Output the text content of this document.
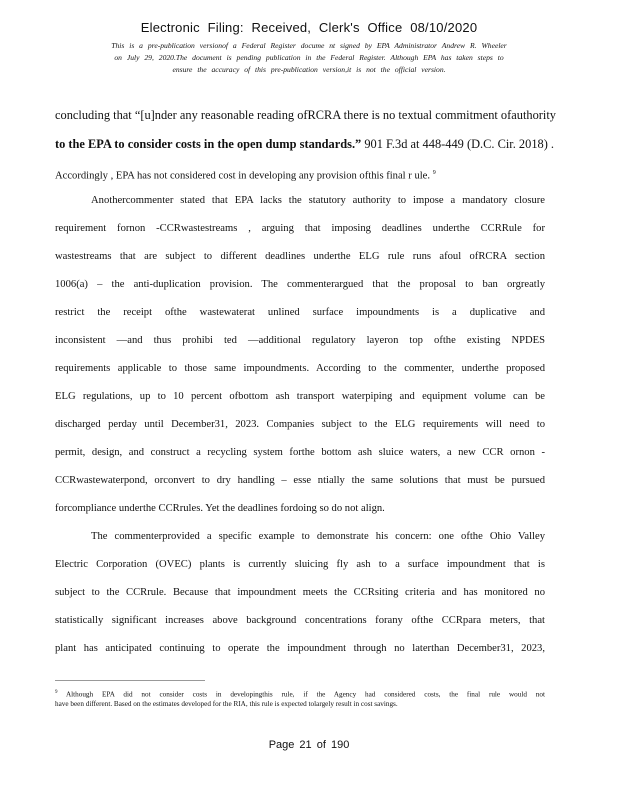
Electronic Filing: Received, Clerk's Office 08/10/2020
This is a pre-publication versionof a Federal Register docume nt signed by EPA Administrator Andrew R. Wheeler
on July 29, 2020.The document is pending publication in the Federal Register. Although EPA has taken steps to
ensure the accuracy of this pre-publication version,it is not the official version.
concluding that “[u]nder any reasonable reading ofRCRA there is no textual commitment ofauthority
to the EPA to consider costs in the open dump standards.” 901 F.3d at 448-449 (D.C. Cir. 2018) .
Accordingly , EPA has not considered cost in developing any provision ofthis final r ule. $^9$
Anothercommenter stated that EPA lacks the statutory authority to impose a mandatory closure
requirement fornon -CCRwastestreams , arguing that imposing deadlines underthe CCRRule for
wastestreams that are subject to different deadlines underthe ELG rule runs afoul ofRCRA section
1006(a) – the anti-duplication provision. The commenterargued that the proposal to ban orgreatly
restrict the receipt ofthe wastewaterat unlined surface impoundments is a duplicative and
inconsistent —and thus prohibi ted —additional regulatory layeron top ofthe existing NPDES
requirements applicable to those same impoundments. According to the commenter, underthe proposed
ELG regulations, up to 10 percent ofbottom ash transport waterpiping and equipment volume can be
discharged perday until December31, 2023. Companies subject to the ELG requirements will need to
permit, design, and construct a recycling system forthe bottom ash sluice waters, a new CCR ornon -
CCRwastewaterpond, orconvert to dry handling – esse ntially the same solutions that must be pursued
forcompliance underthe CCRrules. Yet the deadlines fordoing so do not align.
The commenterprovided a specific example to demonstrate his concern: one ofthe Ohio Valley
Electric Corporation (OVEC) plants is currently sluicing fly ash to a surface impoundment that is
subject to the CCRrule. Because that impoundment meets the CCRsiting criteria and has monitored no
statistically significant increases above background concentrations forany ofthe CCRpara meters, that
plant has anticipated continuing to operate the impoundment through no laterthan December31, 2023,
$^9$ Although EPA did not consider costs in developingthis rule, if the Agency had considered costs, the final rule would not
have been different. Based on the estimates developed for the RIA, this rule is expected tolargely result in cost savings.
Page 21 of 190
